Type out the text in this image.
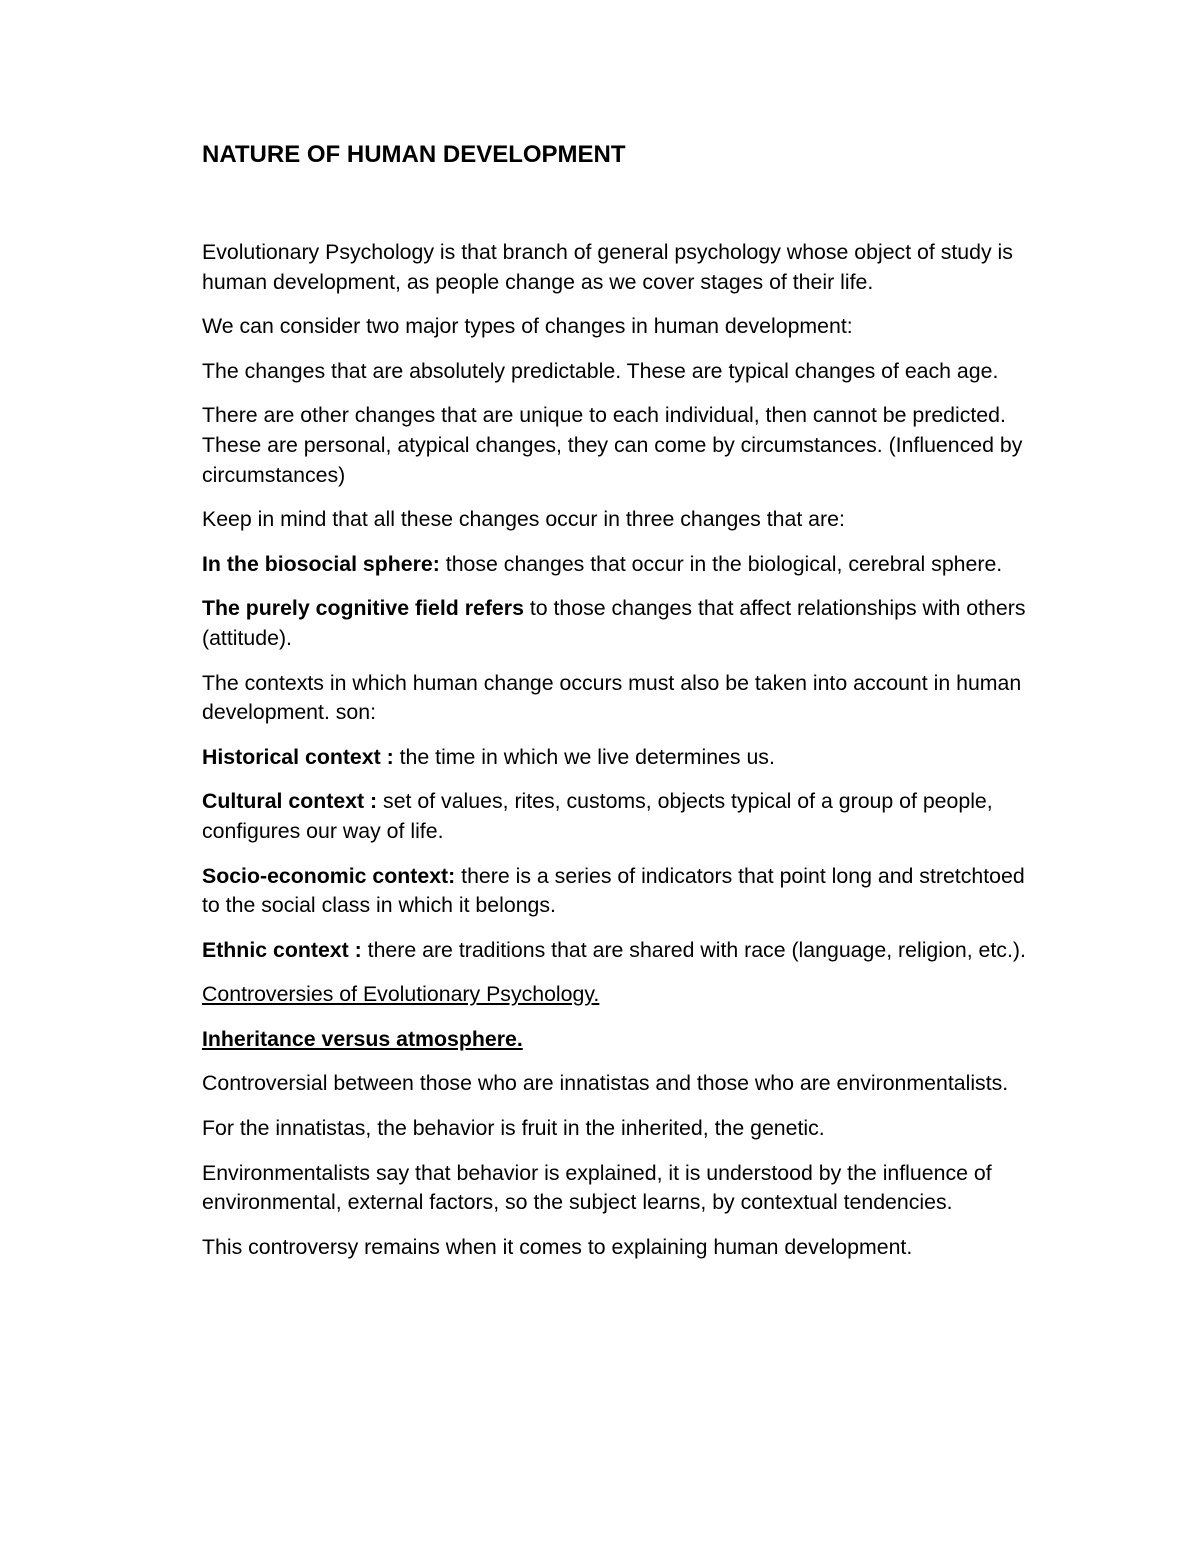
NATURE OF HUMAN DEVELOPMENT

Evolutionary Psychology is that branch of general psychology whose object of study is human development, as people change as we cover stages of their life.

We can consider two major types of changes in human development:

The changes that are absolutely predictable. These are typical changes of each age.

There are other changes that are unique to each individual, then cannot be predicted. These are personal, atypical changes, they can come by circumstances. (Influenced by circumstances)

Keep in mind that all these changes occur in three changes that are:

In the biosocial sphere: those changes that occur in the biological, cerebral sphere.

The purely cognitive field refers to those changes that affect relationships with others (attitude).

The contexts in which human change occurs must also be taken into account in human development. son:

Historical context : the time in which we live determines us.

Cultural context : set of values, rites, customs, objects typical of a group of people, configures our way of life.

Socio-economic context: there is a series of indicators that point long and stretchtoed to the social class in which it belongs.

Ethnic context : there are traditions that are shared with race (language, religion, etc.).

Controversies of Evolutionary Psychology.

Inheritance versus atmosphere.

Controversial between those who are innatistas and those who are environmentalists.

For the innatistas, the behavior is fruit in the inherited, the genetic.

Environmentalists say that behavior is explained, it is understood by the influence of environmental, external factors, so the subject learns, by contextual tendencies.

This controversy remains when it comes to explaining human development.
